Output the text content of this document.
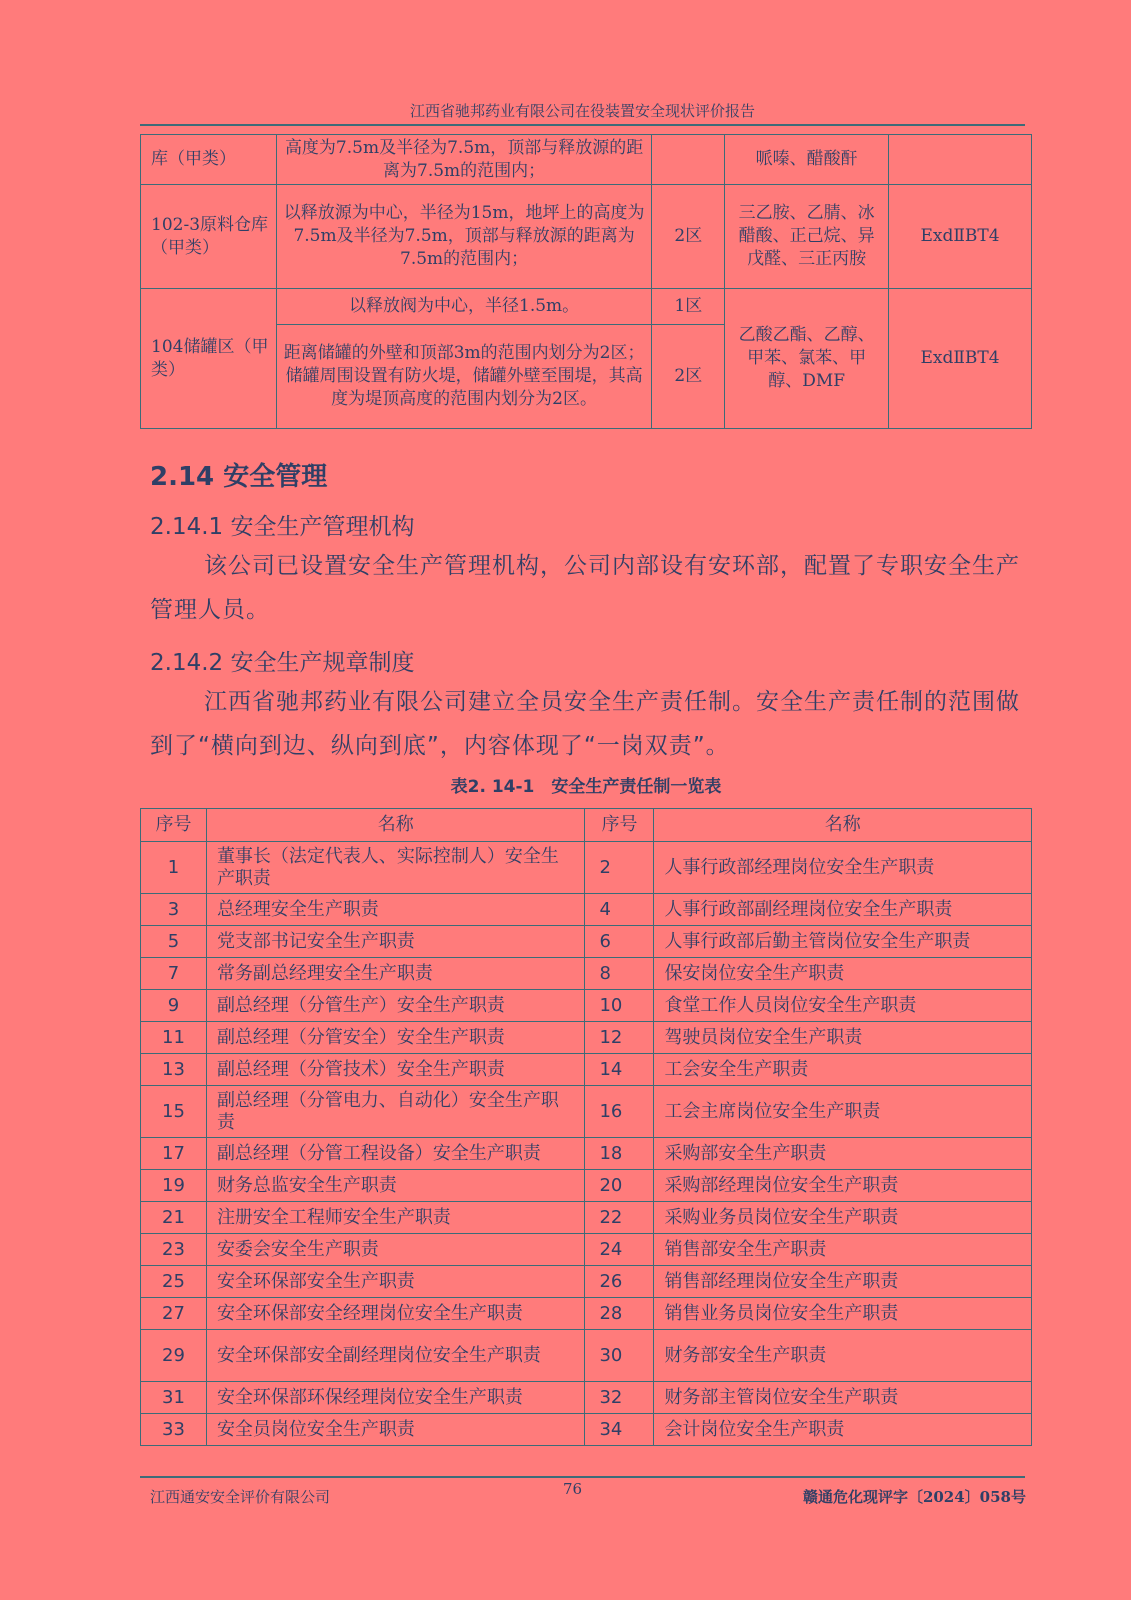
江西省驰邦药业有限公司在役装置安全现状评价报告
库（甲类）	高度为7.5m及半径为7.5m，顶部与释放源的距离为7.5m的范围内；		哌嗪、醋酸酐	
102-3原料仓库（甲类）	以释放源为中心，半径为15m，地坪上的高度为7.5m及半径为7.5m，顶部与释放源的距离为7.5m的范围内；	2区	三乙胺、乙腈、冰醋酸、正己烷、异戊醛、三正丙胺	ExdⅡBT4
104储罐区（甲类）	以释放阀为中心，半径1.5m。	1区	乙酸乙酯、乙醇、甲苯、氯苯、甲醇、DMF	ExdⅡBT4
	距离储罐的外壁和顶部3m的范围内划分为2区；储罐周围设置有防火堤，储罐外壁至围堤，其高度为堤顶高度的范围内划分为2区。	2区		
2.14 安全管理
2.14.1 安全生产管理机构
该公司已设置安全生产管理机构，公司内部设有安环部，配置了专职安全生产管理人员。
2.14.2 安全生产规章制度
江西省驰邦药业有限公司建立全员安全生产责任制。安全生产责任制的范围做到了“横向到边、纵向到底”，内容体现了“一岗双责”。
表2. 14-1　安全生产责任制一览表
序号	名称	序号	名称
1	董事长（法定代表人、实际控制人）安全生产职责	2	人事行政部经理岗位安全生产职责
3	总经理安全生产职责	4	人事行政部副经理岗位安全生产职责
5	党支部书记安全生产职责	6	人事行政部后勤主管岗位安全生产职责
7	常务副总经理安全生产职责	8	保安岗位安全生产职责
9	副总经理（分管生产）安全生产职责	10	食堂工作人员岗位安全生产职责
11	副总经理（分管安全）安全生产职责	12	驾驶员岗位安全生产职责
13	副总经理（分管技术）安全生产职责	14	工会安全生产职责
15	副总经理（分管电力、自动化）安全生产职责	16	工会主席岗位安全生产职责
17	副总经理（分管工程设备）安全生产职责	18	采购部安全生产职责
19	财务总监安全生产职责	20	采购部经理岗位安全生产职责
21	注册安全工程师安全生产职责	22	采购业务员岗位安全生产职责
23	安委会安全生产职责	24	销售部安全生产职责
25	安全环保部安全生产职责	26	销售部经理岗位安全生产职责
27	安全环保部安全经理岗位安全生产职责	28	销售业务员岗位安全生产职责
29	安全环保部安全副经理岗位安全生产职责	30	财务部安全生产职责
31	安全环保部环保经理岗位安全生产职责	32	财务部主管岗位安全生产职责
33	安全员岗位安全生产职责	34	会计岗位安全生产职责
江西通安安全评价有限公司	76	赣通危化现评字〔2024〕058号
